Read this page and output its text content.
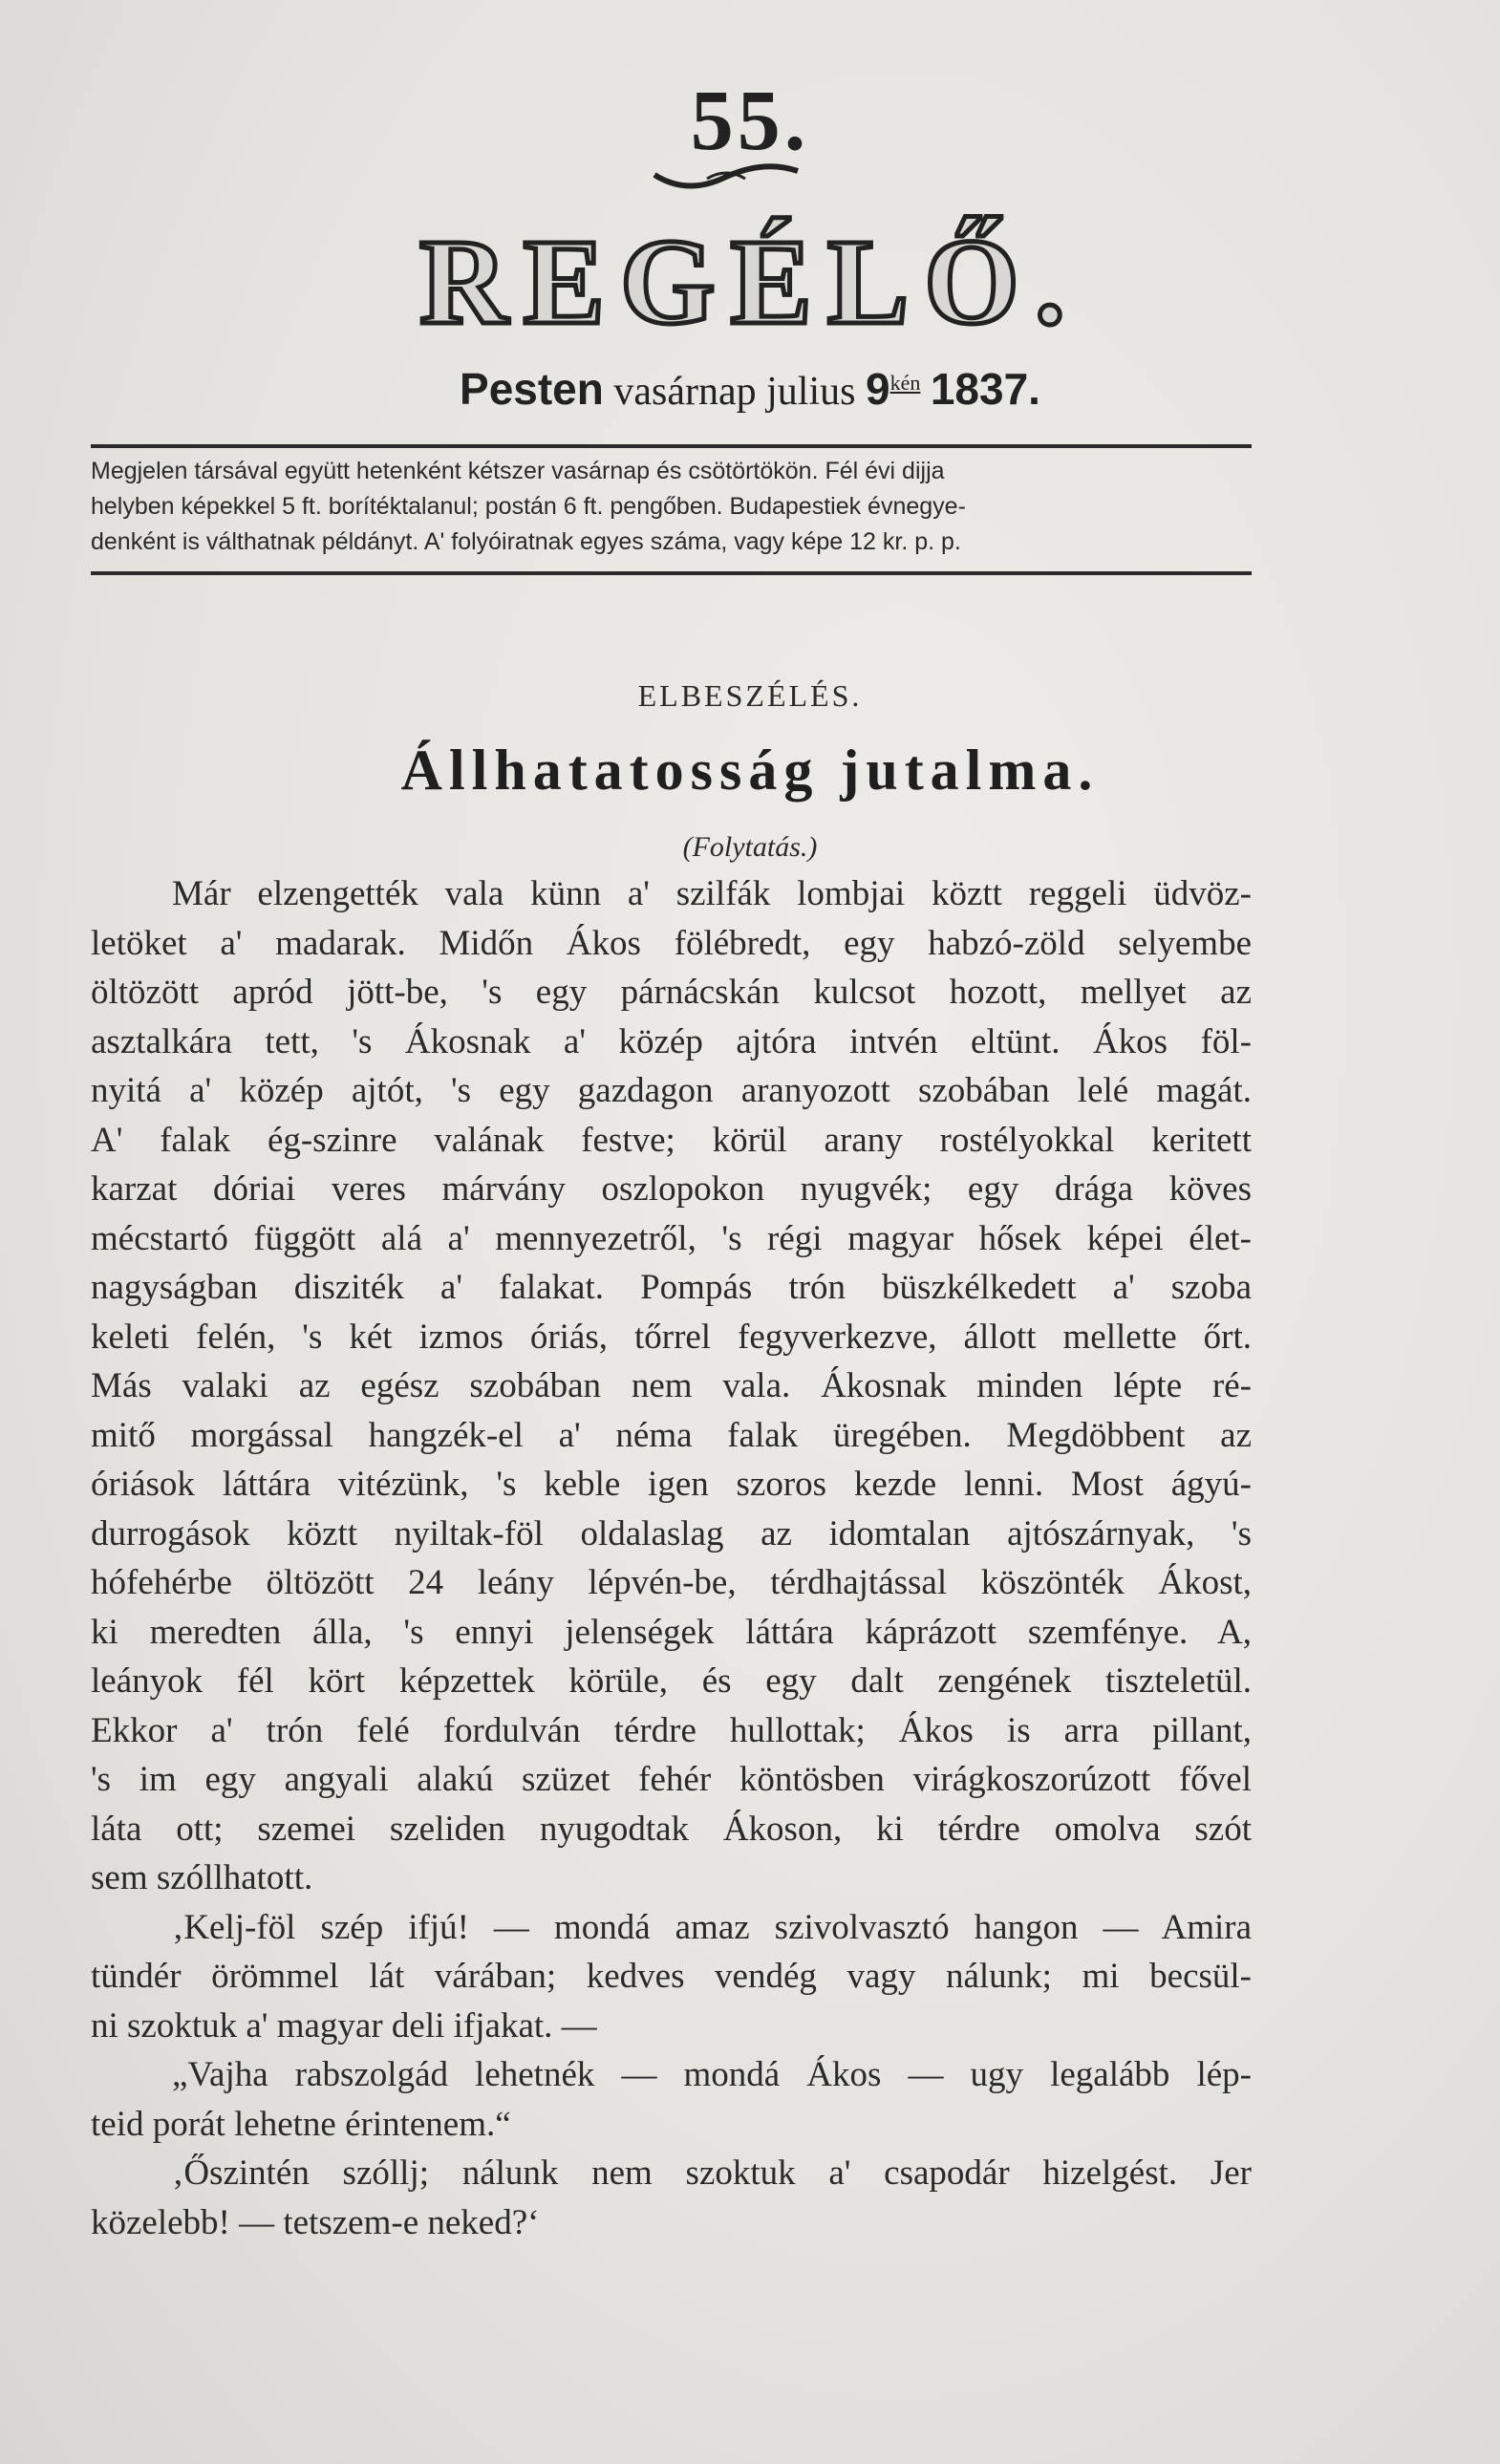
55.
REGÉLŐ.
Pesten vasárnap julius $9^{kén}$ 1837.
Megjelen társával együtt hetenként kétszer vasárnap és csötörtökön. Fél évi dijja
helyben képekkel 5 ft. borítéktalanul; postán 6 ft. pengőben. Budapestiek évnegye-
denként is válthatnak példányt. A' folyóiratnak egyes száma, vagy képe 12 kr. p. p.
ELBESZÉLÉS.
Állhatatosság jutalma.
(Folytatás.)
Már elzengették vala künn a' szilfák lombjai köztt reggeli üdvöz-
letöket a' madarak. Midőn Ákos fölébredt, egy habzó-zöld selyembe
öltözött apród jött-be, 's egy párnácskán kulcsot hozott, mellyet az
asztalkára tett, 's Ákosnak a' közép ajtóra intvén eltünt. Ákos föl-
nyitá a' közép ajtót, 's egy gazdagon aranyozott szobában lelé magát.
A' falak ég-szinre valának festve; körül arany rostélyokkal keritett
karzat dóriai veres márvány oszlopokon nyugvék; egy drága köves
mécstartó függött alá a' mennyezetről, 's régi magyar hősek képei élet-
nagyságban disziték a' falakat. Pompás trón büszkélkedett a' szoba
keleti felén, 's két izmos óriás, tőrrel fegyverkezve, állott mellette őrt.
Más valaki az egész szobában nem vala. Ákosnak minden lépte ré-
mitő morgással hangzék-el a' néma falak üregében. Megdöbbent az
óriások láttára vitézünk, 's keble igen szoros kezde lenni. Most ágyú-
durrogások köztt nyiltak-föl oldalaslag az idomtalan ajtószárnyak, 's
hófehérbe öltözött 24 leány lépvén-be, térdhajtással köszönték Ákost,
ki meredten álla, 's ennyi jelenségek láttára káprázott szemfénye. A,
leányok fél kört képzettek körüle, és egy dalt zengének tiszteletül.
Ekkor a' trón felé fordulván térdre hullottak; Ákos is arra pillant,
's im egy angyali alakú szüzet fehér köntösben virágkoszorúzott fővel
láta ott; szemei szeliden nyugodtak Ákoson, ki térdre omolva szót
sem szóllhatott.
‚Kelj-föl szép ifjú! — mondá amaz szivolvasztó hangon — Amira
tündér örömmel lát várában; kedves vendég vagy nálunk; mi becsül-
ni szoktuk a' magyar deli ifjakat. —
„Vajha rabszolgád lehetnék — mondá Ákos — ugy legalább lép-
teid porát lehetne érintenem.“
‚Őszintén szóllj; nálunk nem szoktuk a' csapodár hizelgést. Jer
közelebb! — tetszem-e neked?‘
